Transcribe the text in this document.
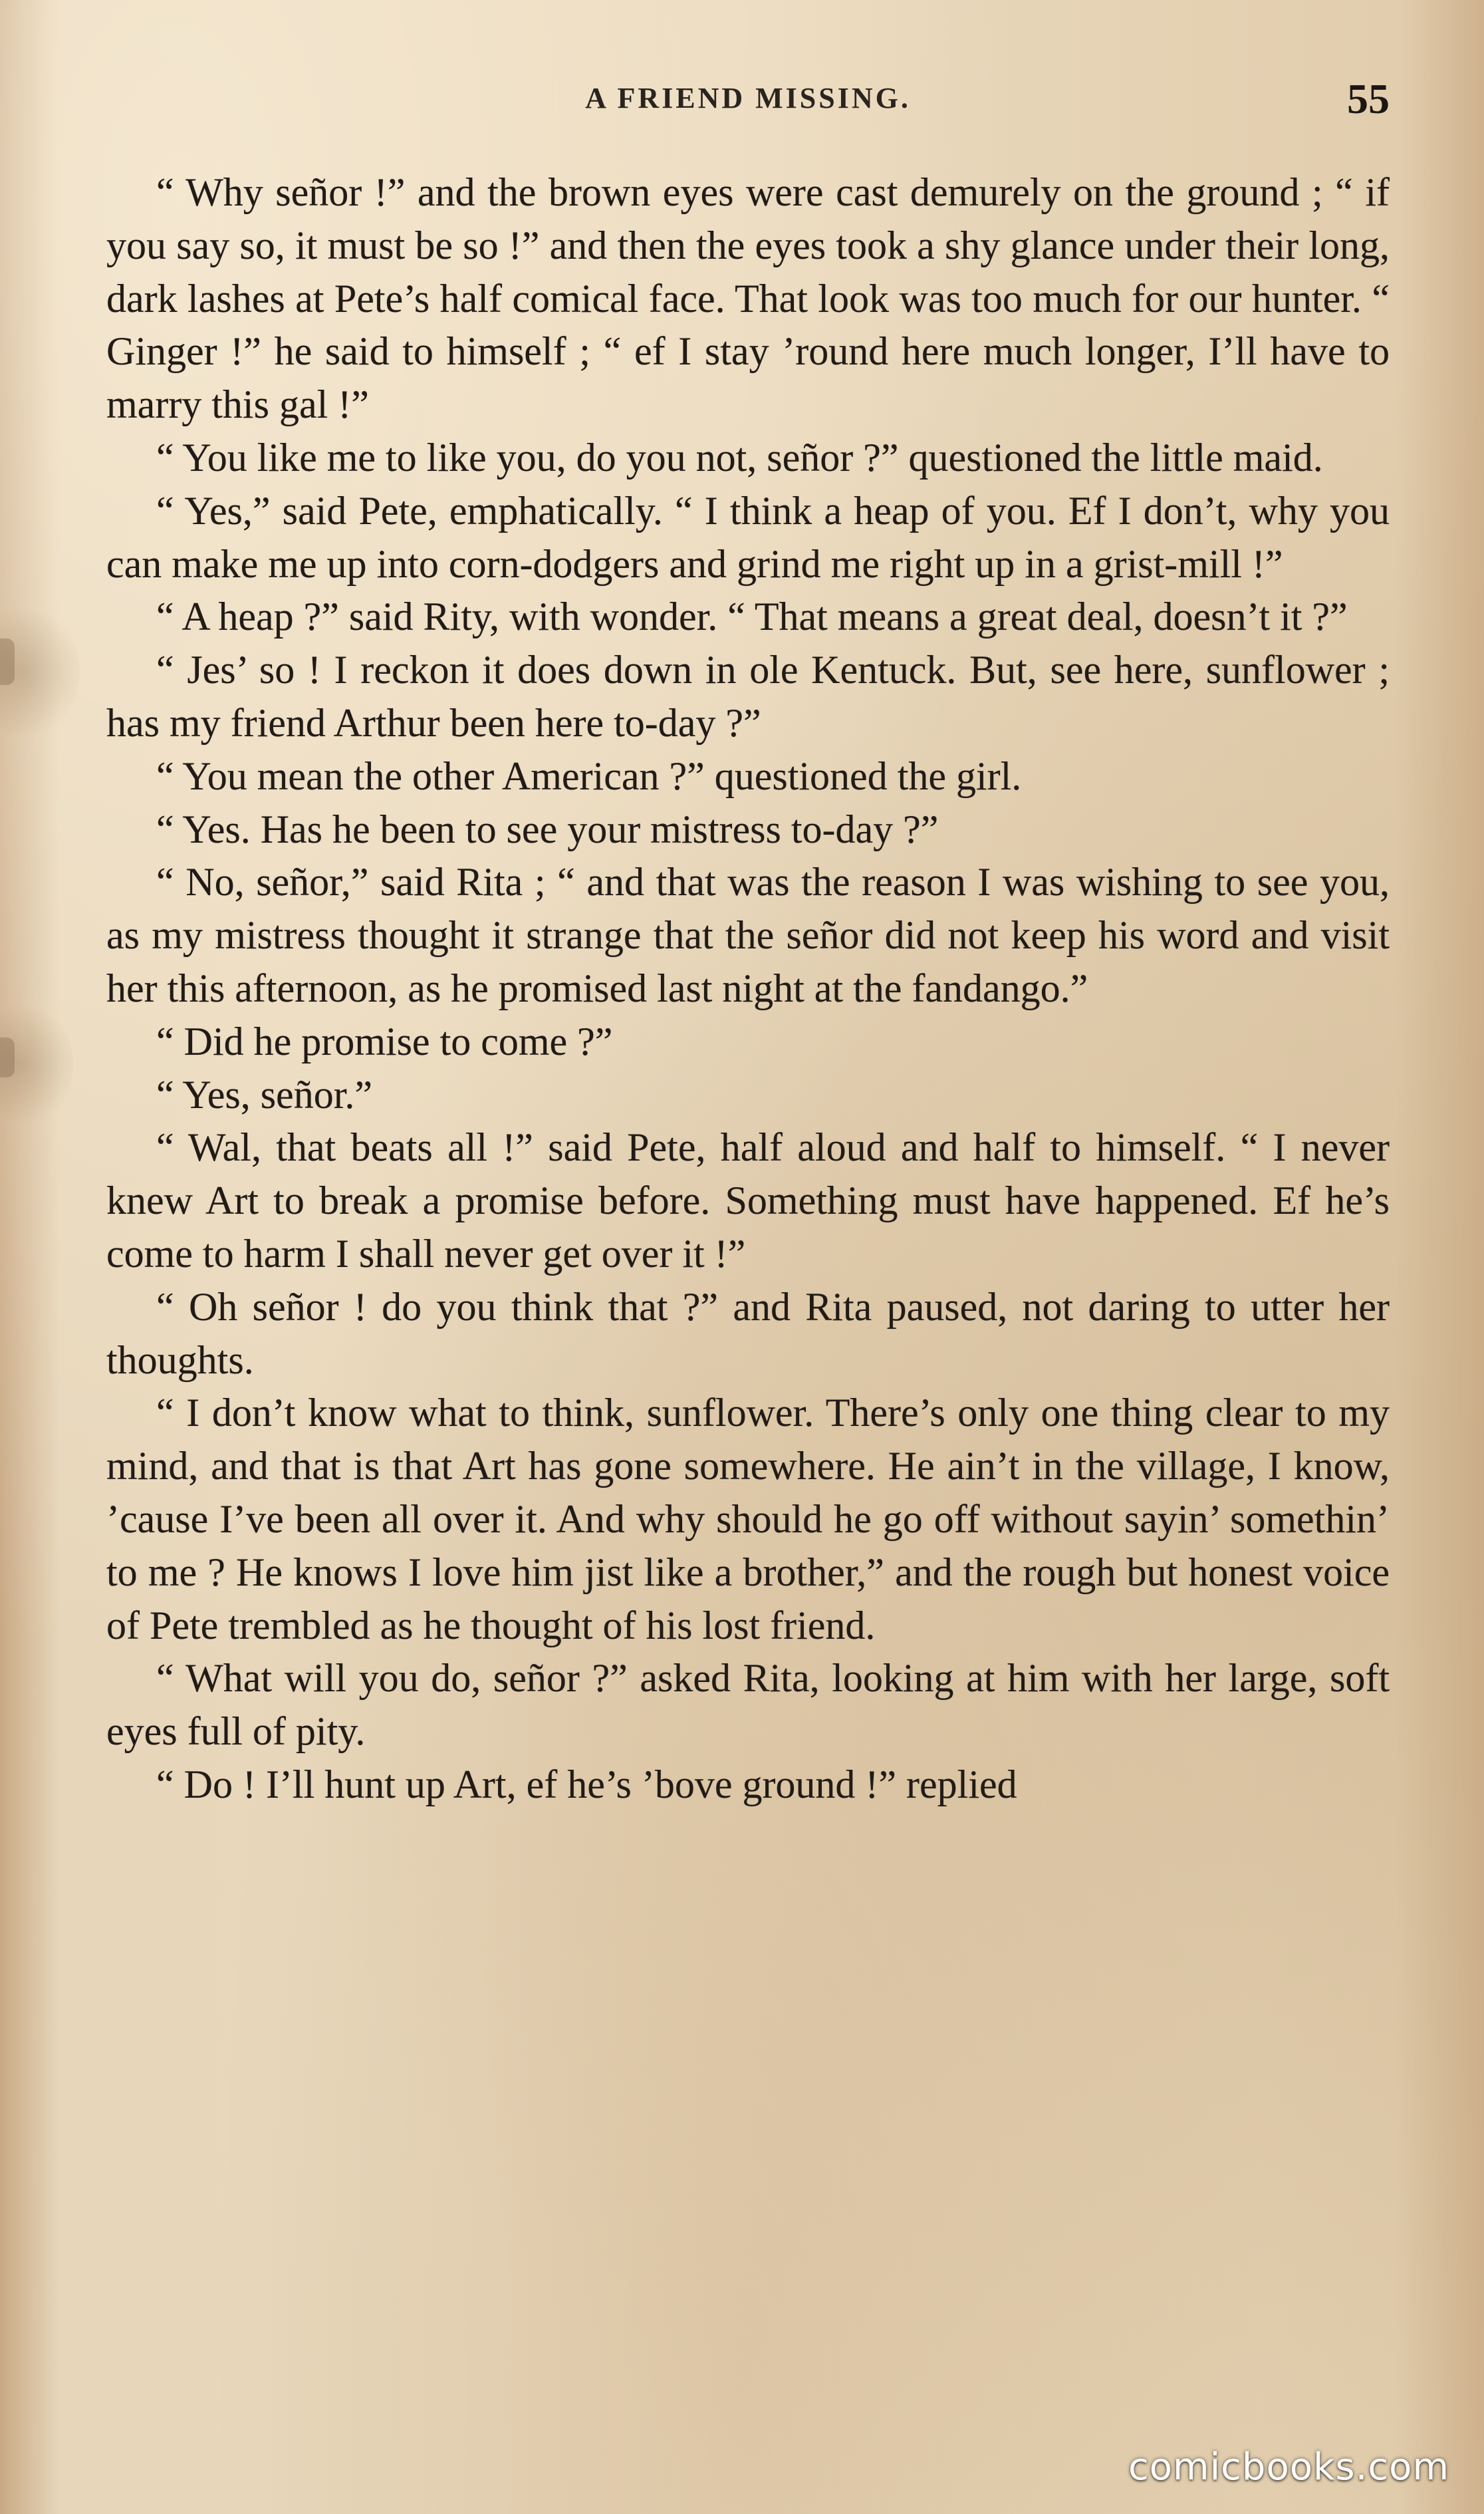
A FRIEND MISSING.	55

“ Why señor !” and the brown eyes were cast demurely on the ground ; “ if you say so, it must be so !” and then the eyes took a shy glance under their long, dark lashes at Pete’s half comical face. That look was too much for our hunter. “ Ginger !” he said to himself ; “ ef I stay ’round here much longer, I’ll have to marry this gal !”

“ You like me to like you, do you not, señor ?” questioned the little maid.

“ Yes,” said Pete, emphatically. “ I think a heap of you. Ef I don’t, why you can make me up into corn-dodgers and grind me right up in a grist-mill !”

“ A heap ?” said Rity, with wonder. “ That means a great deal, doesn’t it ?”

“ Jes’ so ! I reckon it does down in ole Kentuck. But, see here, sunflower ; has my friend Arthur been here to-day ?”

“ You mean the other American ?” questioned the girl.

“ Yes. Has he been to see your mistress to-day ?”

“ No, señor,” said Rita ; “ and that was the reason I was wishing to see you, as my mistress thought it strange that the señor did not keep his word and visit her this afternoon, as he promised last night at the fandango.”

“ Did he promise to come ?”

“ Yes, señor.”

“ Wal, that beats all !” said Pete, half aloud and half to himself. “ I never knew Art to break a promise before. Something must have happened. Ef he’s come to harm I shall never get over it !”

“ Oh señor ! do you think that ?” and Rita paused, not daring to utter her thoughts.

“ I don’t know what to think, sunflower. There’s only one thing clear to my mind, and that is that Art has gone somewhere. He ain’t in the village, I know, ’cause I’ve been all over it. And why should he go off without sayin’ somethin’ to me ? He knows I love him jist like a brother,” and the rough but honest voice of Pete trembled as he thought of his lost friend.

“ What will you do, señor ?” asked Rita, looking at him with her large, soft eyes full of pity.

“ Do ! I’ll hunt up Art, ef he’s ’bove ground !” replied

comicbooks.com
